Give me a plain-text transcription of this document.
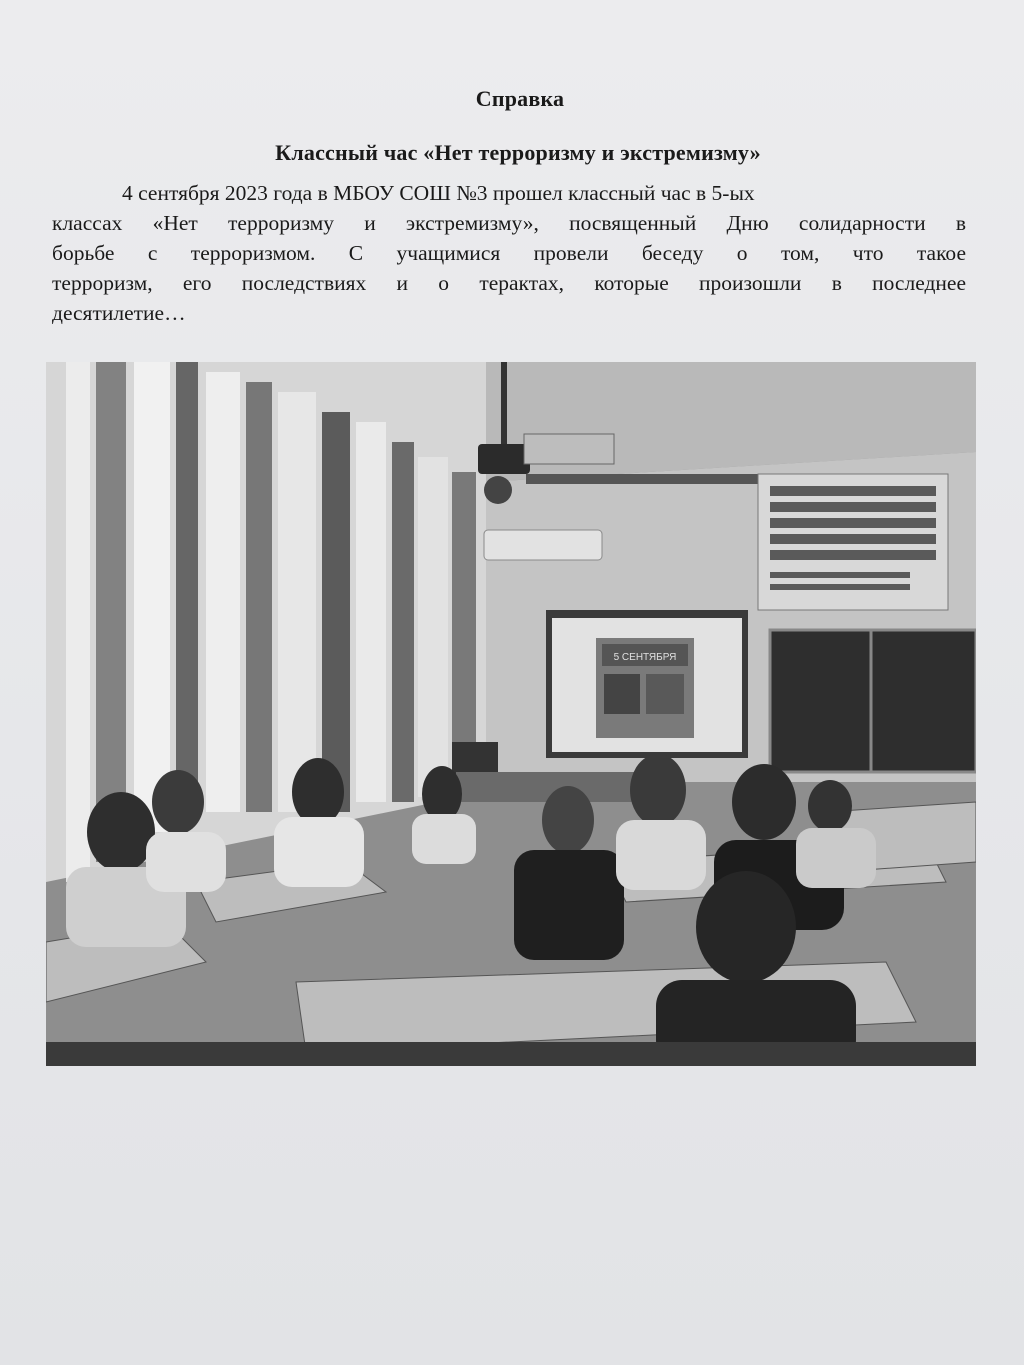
Справка
Классный час «Нет терроризму и экстремизму»
4 сентября 2023 года в МБОУ СОШ №3 прошел классный час в 5-ых
классах «Нет терроризму и экстремизму», посвященный Дню солидарности в
борьбе с терроризмом. С учащимися провели беседу о том, что такое
терроризм, его последствиях и о терактах, которые произошли в последнее
десятилетие…
5 СЕНТЯБРЯ
